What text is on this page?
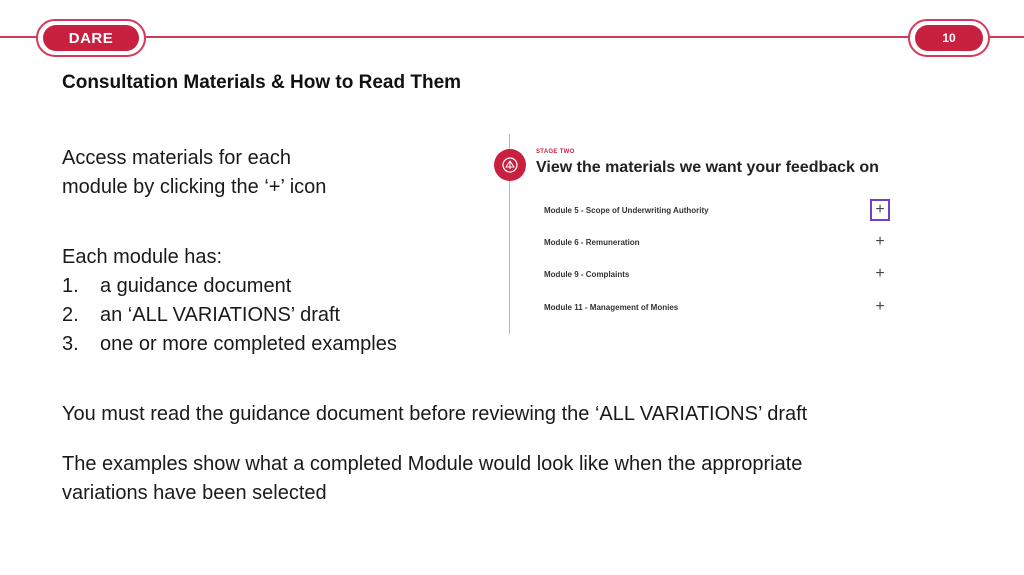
DARE	10
Consultation Materials & How to Read Them
Access materials for each
module by clicking the ‘+’ icon
Each module has:
1.	a guidance document
2.	an ‘ALL VARIATIONS’ draft
3.	one or more completed examples
You must read the guidance document before reviewing the ‘ALL VARIATIONS’ draft
The examples show what a completed Module would look like when the appropriate variations have been selected
STAGE TWO
View the materials we want your feedback on
Module 5 - Scope of Underwriting Authority	+
Module 6 - Remuneration	+
Module 9 - Complaints	+
Module 11 - Management of Monies	+
